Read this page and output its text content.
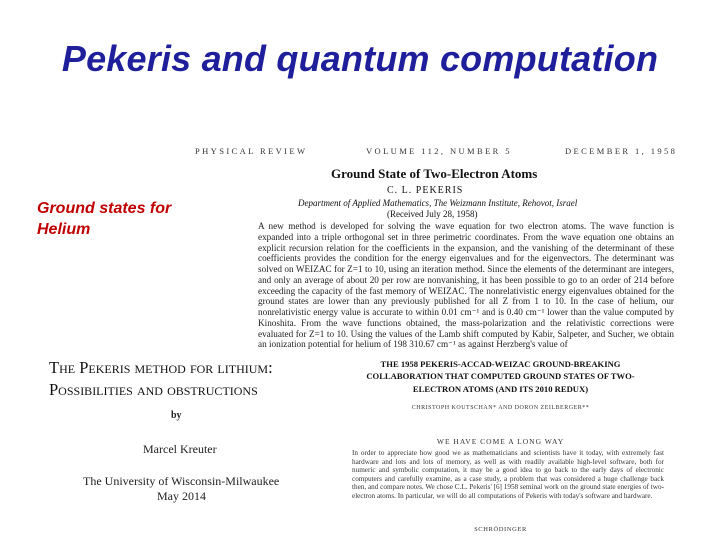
Pekeris and quantum computation
Ground states for
Helium
PHYSICAL REVIEW	VOLUME 112, NUMBER 5	DECEMBER 1, 1958
Ground State of Two-Electron Atoms
C. L. PEKERIS
Department of Applied Mathematics, The Weizmann Institute, Rehovot, Israel
(Received July 28, 1958)
A new method is developed for solving the wave equation for two electron atoms. The wave function is expanded into a triple orthogonal set in three perimetric coordinates. From the wave equation one obtains an explicit recursion relation for the coefficients in the expansion, and the vanishing of the determinant of these coefficients provides the condition for the energy eigenvalues and for the eigenvectors. The determinant was solved on WEIZAC for Z=1 to 10, using an iteration method. Since the elements of the determinant are integers, and only an average of about 20 per row are nonvanishing, it has been possible to go to an order of 214 before exceeding the capacity of the fast memory of WEIZAC. The nonrelativistic energy eigenvalues obtained for the ground states are lower than any previously published for all Z from 1 to 10. In the case of helium, our nonrelativistic energy value is accurate to within 0.01 cm⁻¹ and is 0.40 cm⁻¹ lower than the value computed by Kinoshita. From the wave functions obtained, the mass-polarization and the relativistic corrections were evaluated for Z=1 to 10. Using the values of the Lamb shift computed by Kabir, Salpeter, and Sucher, we obtain an ionization potential for helium of 198 310.67 cm⁻¹ as against Herzberg's value of
The Pekeris method for lithium:
Possibilities and obstructions
by
Marcel Kreuter
The University of Wisconsin-Milwaukee
May 2014
THE 1958 PEKERIS-ACCAD-WEIZAC GROUND-BREAKING COLLABORATION THAT COMPUTED GROUND STATES OF TWO-ELECTRON ATOMS (AND ITS 2010 REDUX)
CHRISTOPH KOUTSCHAN* AND DORON ZEILBERGER**
WE HAVE COME A LONG WAY
In order to appreciate how good we as mathematicians and scientists have it today, with extremely fast hardware and lots and lots of memory, as well as with readily available high-level software, both for numeric and symbolic computation, it may be a good idea to go back to the early days of electronic computers and carefully examine, as a case study, a problem that was considered a huge challenge back then, and compare notes. We chose C.L. Pekeris' [6] 1958 seminal work on the ground state energies of two-electron atoms. In particular, we will do all computations of Pekeris with today's software and hardware.
SCHRÖDINGER
